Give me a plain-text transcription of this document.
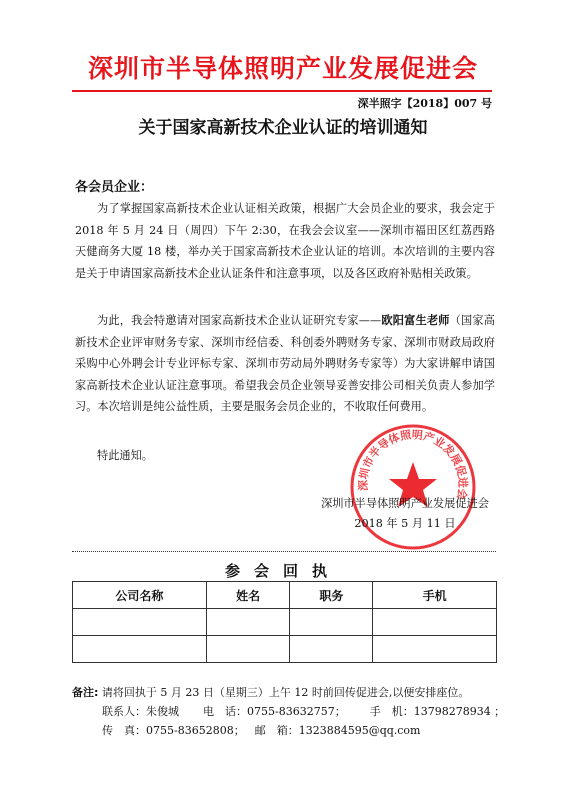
深圳市半导体照明产业发展促进会
深半照字【2018】007 号
关于国家高新技术企业认证的培训通知
各会员企业：
为了掌握国家高新技术企业认证相关政策，根据广大会员企业的要求，我会定于 2018 年 5 月 24 日（周四）下午 2:30，在我会会议室——深圳市福田区红荔西路天健商务大厦 18 楼，举办关于国家高新技术企业认证的培训。本次培训的主要内容是关于申请国家高新技术企业认证条件和注意事项，以及各区政府补贴相关政策。
为此，我会特邀请对国家高新技术企业认证研究专家——欧阳富生老师（国家高新技术企业评审财务专家、深圳市经信委、科创委外聘财务专家、深圳市财政局政府采购中心外聘会计专业评标专家、深圳市劳动局外聘财务专家等）为大家讲解申请国家高新技术企业认证注意事项。希望我会员企业领导妥善安排公司相关负责人参加学习。本次培训是纯公益性质，主要是服务会员企业的，不收取任何费用。
特此通知。
深圳市半导体照明产业发展促进会
深圳市半导体照明产业发展促进会
2018 年 5 月 11 日
参会回执
公司名称	姓名	职务	手机

备注: 请将回执于 5 月 23 日（星期三）上午 12 时前回传促进会,以便安排座位。
联系人：朱俊城 电　话：0755-83632757； 手　机：13798278934 ；
传　真：0755-83652808； 邮　箱：1323884595@qq.com
